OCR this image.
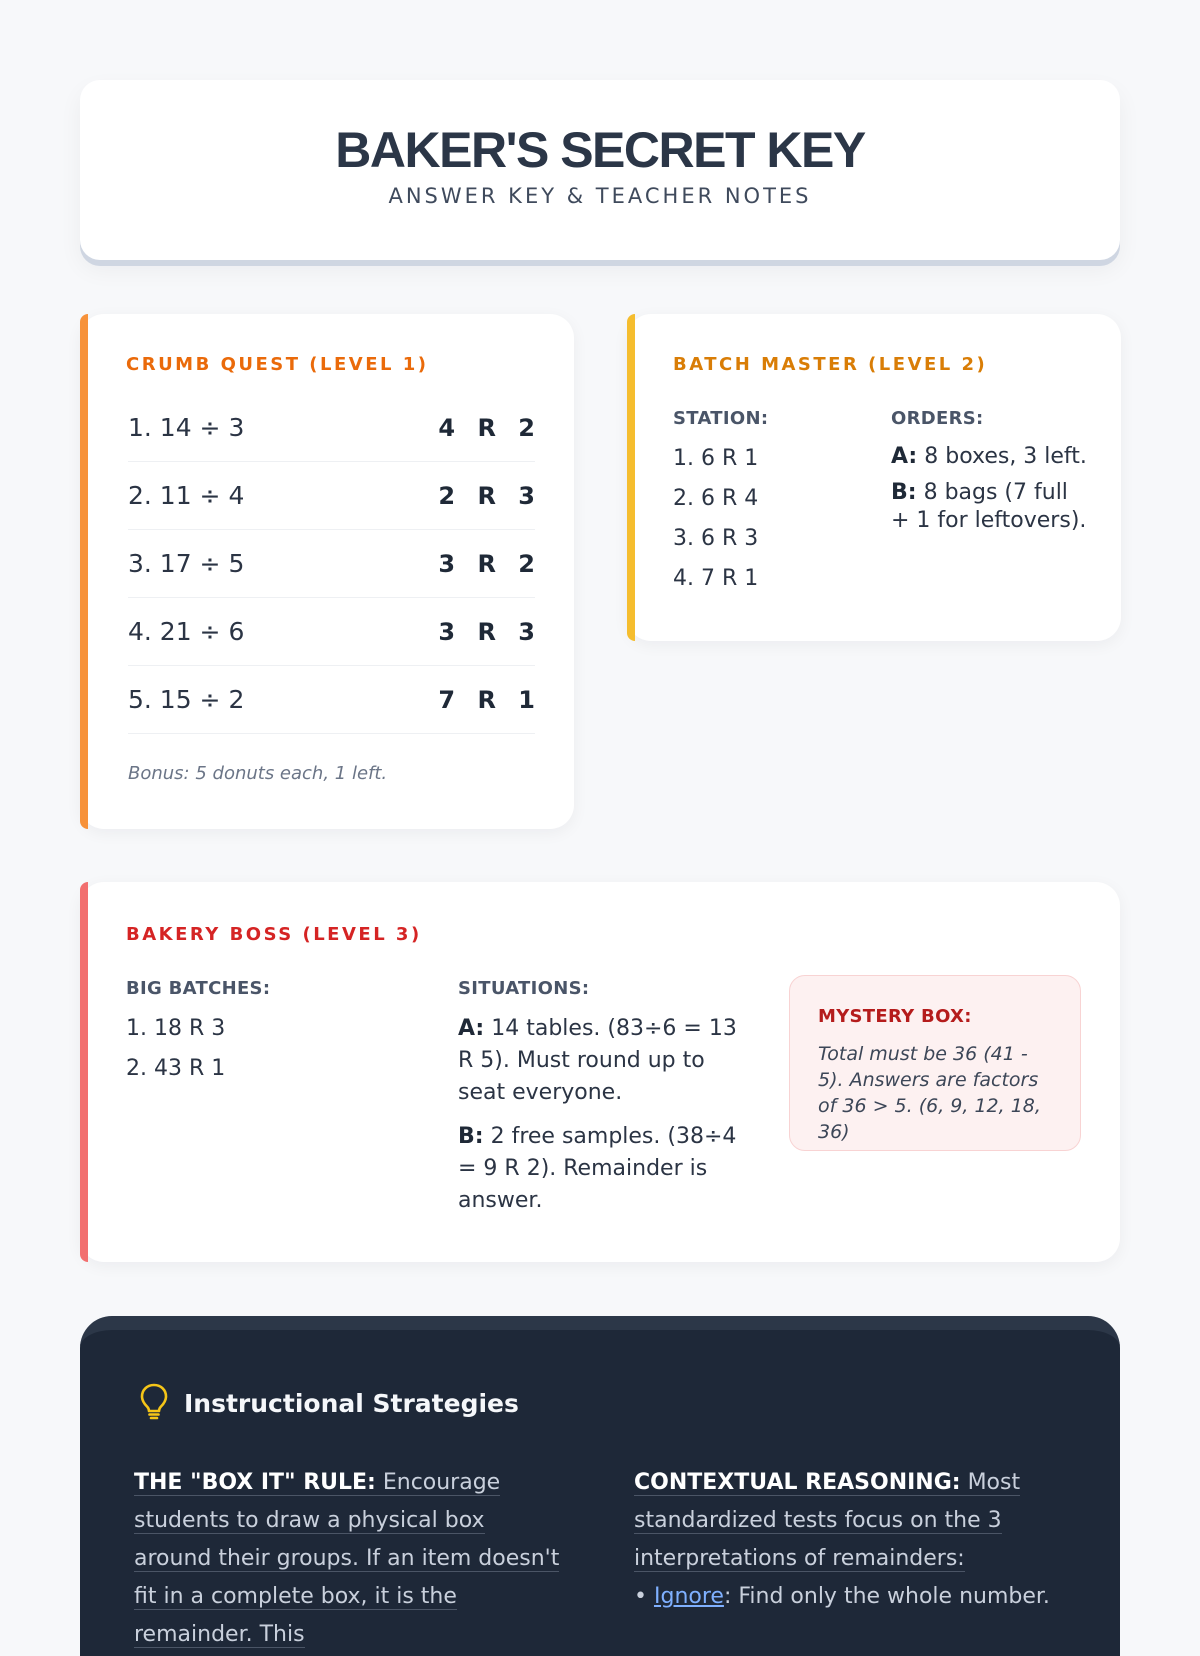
BAKER'S SECRET KEY
ANSWER KEY & TEACHER NOTES
CRUMB QUEST (LEVEL 1)
1. 14 ÷ 3	4 R 2
2. 11 ÷ 4	2 R 3
3. 17 ÷ 5	3 R 2
4. 21 ÷ 6	3 R 3
5. 15 ÷ 2	7 R 1
Bonus: 5 donuts each, 1 left.
BATCH MASTER (LEVEL 2)
STATION:
1. 6 R 1
2. 6 R 4
3. 6 R 3
4. 7 R 1
ORDERS:
A: 8 boxes, 3 left.
B: 8 bags (7 full + 1 for leftovers).
BAKERY BOSS (LEVEL 3)
BIG BATCHES:
1. 18 R 3
2. 43 R 1
SITUATIONS:
A: 14 tables. (83÷6 = 13 R 5). Must round up to seat everyone.
B: 2 free samples. (38÷4 = 9 R 2). Remainder is answer.
MYSTERY BOX:
Total must be 36 (41 - 5). Answers are factors of 36 > 5. (6, 9, 12, 18, 36)
Instructional Strategies
THE "BOX IT" RULE: Encourage students to draw a physical box around their groups. If an item doesn't fit in a complete box, it is the remainder. This
CONTEXTUAL REASONING: Most standardized tests focus on the 3 interpretations of remainders:
• Ignore: Find only the whole number.
